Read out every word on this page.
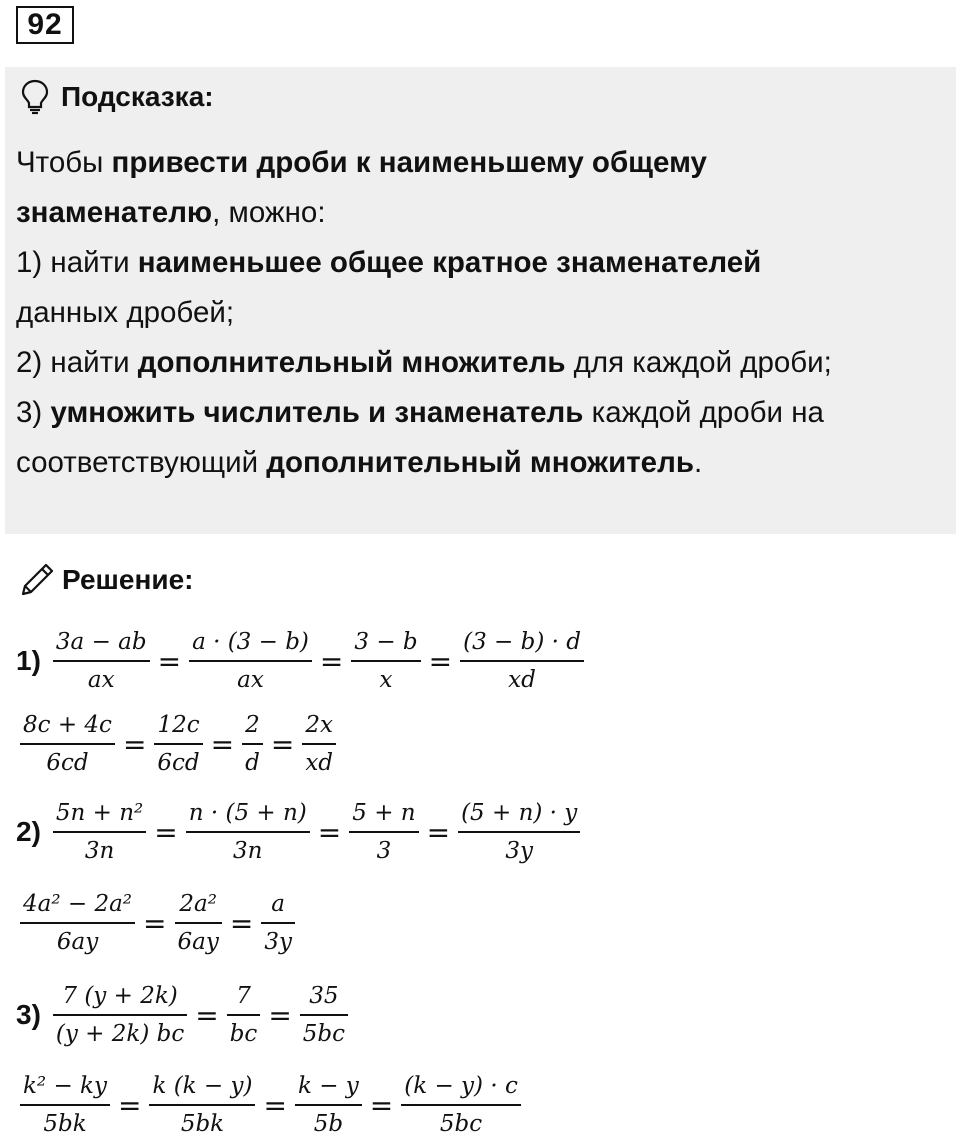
92
Подсказка:
Чтобы привести дроби к наименьшему общему
знаменателю, можно:
1) найти наименьшее общее кратное знаменателей
данных дробей;
2) найти дополнительный множитель для каждой дроби;
3) умножить числитель и знаменатель каждой дроби на
соответствующий дополнительный множитель.
Решение:
$1) \frac{3a - ab}{ax} = \frac{a \cdot (3 - b)}{ax} = \frac{3 - b}{x} = \frac{(3 - b) \cdot d}{xd}$
$\frac{8c + 4c}{6cd} = \frac{12c}{6cd} = \frac{2}{d} = \frac{2x}{xd}$
$2) \frac{\text{5n + n²}}{3n} = \frac{n \cdot (5 + n)}{3n} = \frac{5 + n}{3} = \frac{(5 + n) \cdot y}{3y}$
$\frac{\text{4a² − 2a²}}{6ay} = \frac{\text{2a²}}{6ay} = \frac{a}{3y}$
$3) \frac{7 (y + 2k)}{(y + 2k) bc} = \frac{7}{bc} = \frac{35}{5bc}$
$\frac{\text{k² − ky}}{5bk} = \frac{k (k - y)}{5bk} = \frac{k - y}{5b} = \frac{(k - y) \cdot c}{5bc}$
